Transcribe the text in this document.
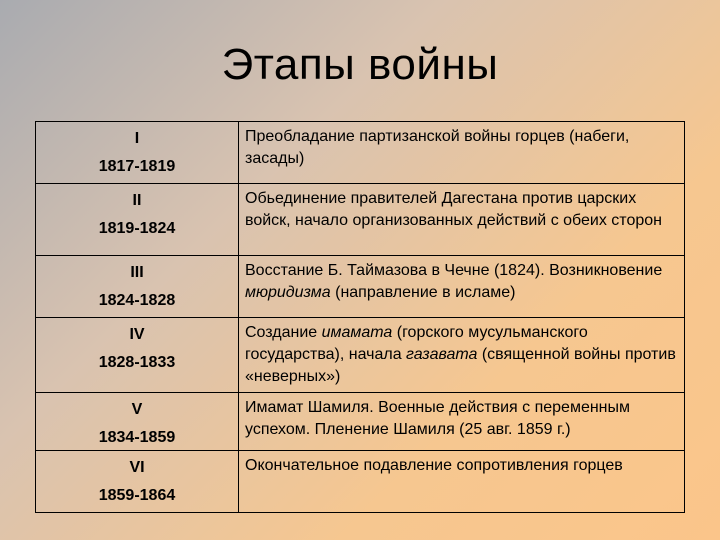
Этапы войны
I
1817-1819	Преобладание партизанской войны горцев (набеги, засады)

II
1819-1824	Обьединение правителей Дагестана против царских войск, начало организованных действий с обеих сторон

III
1824-1828	Восстание Б. Таймазова в Чечне (1824). Возникновение мюридизма (направление в исламе)

IV
1828-1833	Создание имамата (горского мусульманского государства), начала газавата (священной войны против «неверных»)

V
1834-1859	Имамат Шамиля. Военные действия с переменным успехом. Пленение Шамиля (25 авг. 1859 г.)

VI
1859-1864	Окончательное подавление сопротивления горцев
